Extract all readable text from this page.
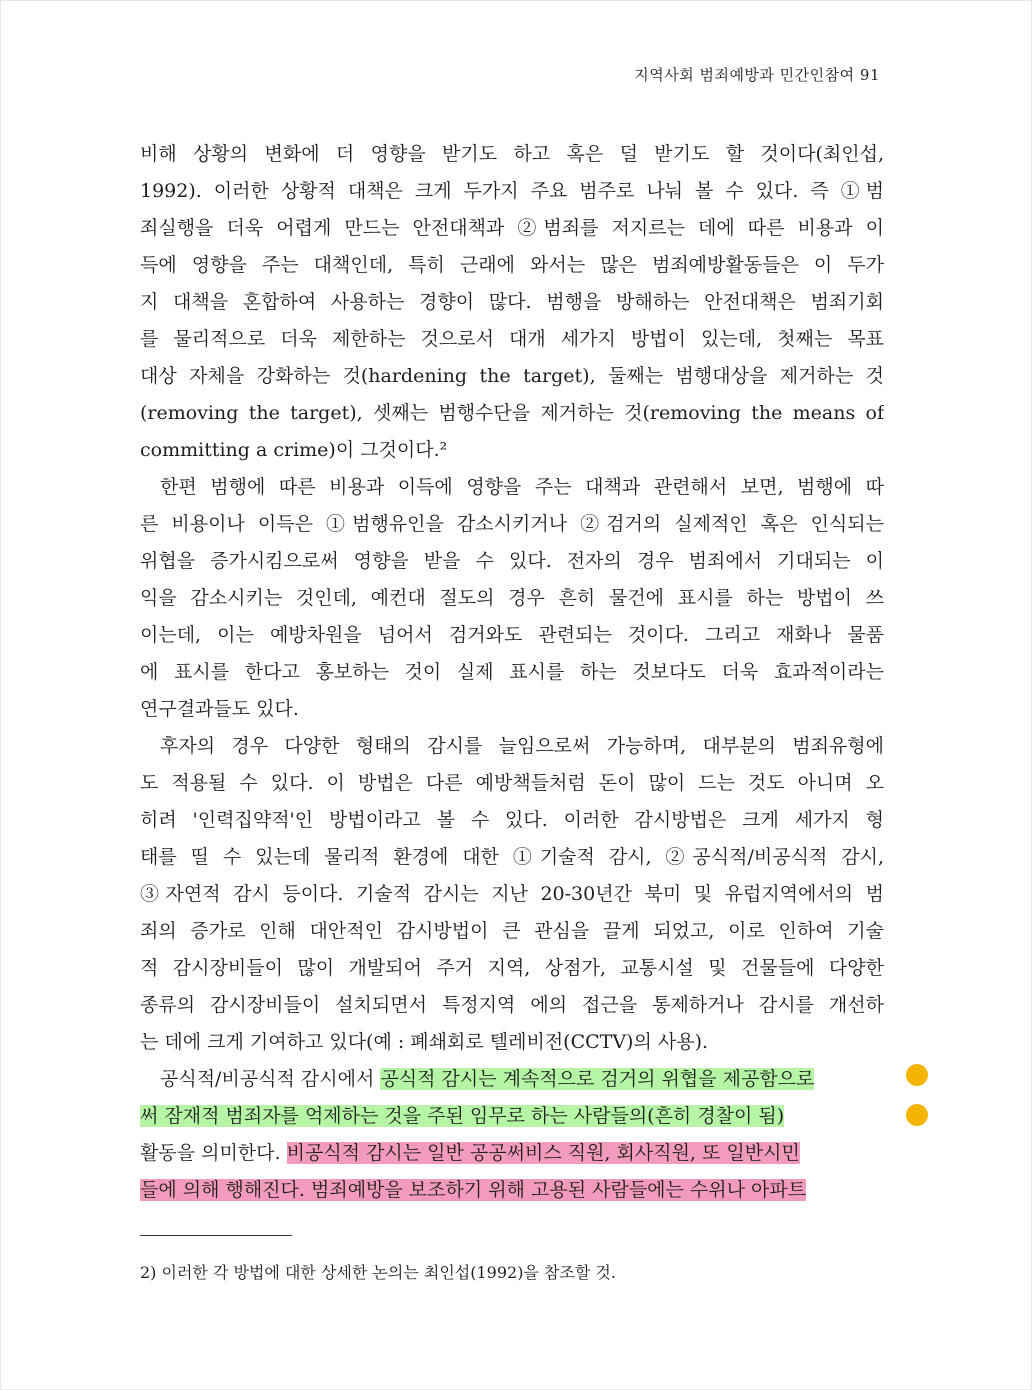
지역사회 범죄예방과 민간인참여 91
비해 상황의 변화에 더 영향을 받기도 하고 혹은 덜 받기도 할 것이다(최인섭,
1992). 이러한 상황적 대책은 크게 두가지 주요 범주로 나눠 볼 수 있다. 즉 ①범
죄실행을 더욱 어렵게 만드는 안전대책과 ②범죄를 저지르는 데에 따른 비용과 이
득에 영향을 주는 대책인데, 특히 근래에 와서는 많은 범죄예방활동들은 이 두가
지 대책을 혼합하여 사용하는 경향이 많다. 범행을 방해하는 안전대책은 범죄기회
를 물리적으로 더욱 제한하는 것으로서 대개 세가지 방법이 있는데, 첫째는 목표
대상 자체을 강화하는 것(hardening the target), 둘째는 범행대상을 제거하는 것
(removing the target), 셋째는 범행수단을 제거하는 것(removing the means of
committing a crime)이 그것이다.²
한편 범행에 따른 비용과 이득에 영향을 주는 대책과 관련해서 보면, 범행에 따
른 비용이나 이득은 ①범행유인을 감소시키거나 ②검거의 실제적인 혹은 인식되는
위협을 증가시킴으로써 영향을 받을 수 있다. 전자의 경우 범죄에서 기대되는 이
익을 감소시키는 것인데, 예컨대 절도의 경우 흔히 물건에 표시를 하는 방법이 쓰
이는데, 이는 예방차원을 넘어서 검거와도 관련되는 것이다. 그리고 재화나 물품
에 표시를 한다고 홍보하는 것이 실제 표시를 하는 것보다도 더욱 효과적이라는
연구결과들도 있다.
후자의 경우 다양한 형태의 감시를 늘임으로써 가능하며, 대부분의 범죄유형에
도 적용될 수 있다. 이 방법은 다른 예방책들처럼 돈이 많이 드는 것도 아니며 오
히려 '인력집약적'인 방법이라고 볼 수 있다. 이러한 감시방법은 크게 세가지 형
태를 띨 수 있는데 물리적 환경에 대한 ①기술적 감시, ②공식적/비공식적 감시,
③자연적 감시 등이다. 기술적 감시는 지난 20-30년간 북미 및 유럽지역에서의 범
죄의 증가로 인해 대안적인 감시방법이 큰 관심을 끌게 되었고, 이로 인하여 기술
적 감시장비들이 많이 개발되어 주거 지역, 상점가, 교통시설 및 건물들에 다양한
종류의 감시장비들이 설치되면서 특정지역 에의 접근을 통제하거나 감시를 개선하
는 데에 크게 기여하고 있다(예 : 폐쇄회로 텔레비전(CCTV)의 사용).
공식적/비공식적 감시에서 공식적 감시는 계속적으로 검거의 위협을 제공함으로
써 잠재적 범죄자를 억제하는 것을 주된 임무로 하는 사람들의(흔히 경찰이 됨)
활동을 의미한다. 비공식적 감시는 일반 공공써비스 직원, 회사직원, 또 일반시민
들에 의해 행해진다. 범죄예방을 보조하기 위해 고용된 사람들에는 수위나 아파트
2) 이러한 각 방법에 대한 상세한 논의는 최인섭(1992)을 참조할 것.
